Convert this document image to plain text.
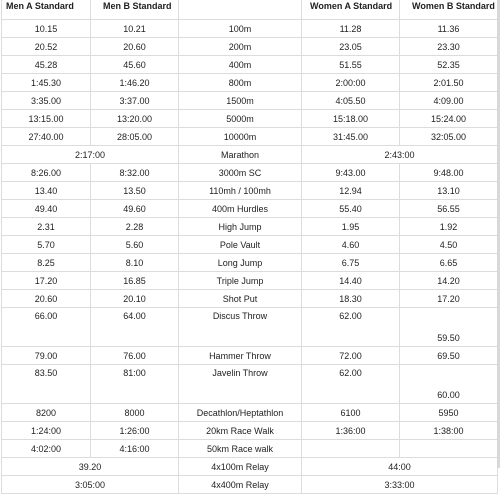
Men A Standard	Men B Standard		Women A Standard	Women B Standard
10.15	10.21	100m	11.28	11.36
20.52	20.60	200m	23.05	23.30
45.28	45.60	400m	51.55	52.35
1:45.30	1:46.20	800m	2:00:00	2:01.50
3:35.00	3:37.00	1500m	4:05.50	4:09.00
13:15.00	13:20.00	5000m	15:18.00	15:24.00
27:40.00	28:05.00	10000m	31:45.00	32:05.00
2:17:00		Marathon	2:43:00	
8:26.00	8:32.00	3000m SC	9:43.00	9:48.00
13.40	13.50	110mh / 100mh	12.94	13.10
49.40	49.60	400m Hurdles	55.40	56.55
2.31	2.28	High Jump	1.95	1.92
5.70	5.60	Pole Vault	4.60	4.50
8.25	8.10	Long Jump	6.75	6.65
17.20	16.85	Triple Jump	14.40	14.20
20.60	20.10	Shot Put	18.30	17.20
66.00	64.00	Discus Throw	62.00	59.50
79.00	76.00	Hammer Throw	72.00	69.50
83.50	81:00	Javelin Throw	62.00	60.00
8200	8000	Decathlon/Heptathlon	6100	5950
1:24:00	1:26:00	20km Race Walk	1:36:00	1:38:00
4:02:00	4:16:00	50km Race walk		
39.20		4x100m Relay	44:00	
3:05:00		4x400m Relay	3:33:00	
